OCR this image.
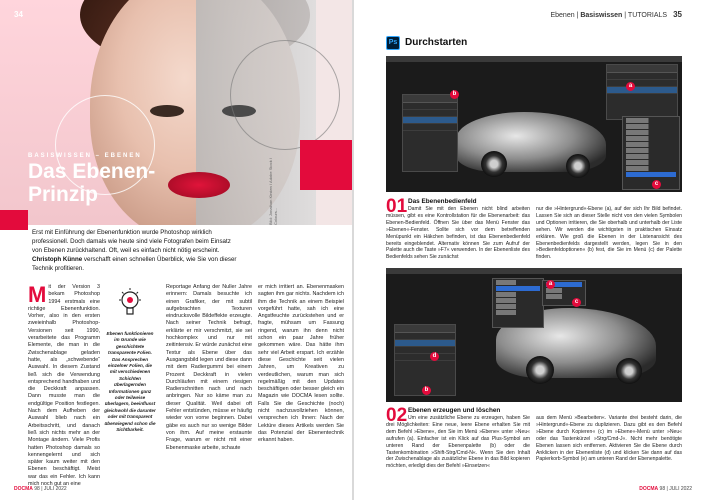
Bild: Jonathan Kirsten / Adobe Stock / Colours...
34
BASISWISSEN – EBENEN
Das Ebenen-
Prinzip
Erst mit Einführung der Ebenenfunktion wurde Photoshop wirklich professionell. Doch damals wie heute sind viele Fotografen beim Einsatz von Ebenen zurückhaltend. Oft, weil es einfach nicht nötig erscheint. Christoph Künne verschafft einen schnellen Überblick, wie Sie von dieser Technik profitieren.
Mit der Version 3 bekam Photoshop 1994 erstmals eine richtige Ebenenfunktion. Vorher, also in den ersten zweieinhalb Photoshop-Versionen seit 1990, verarbeitete das Programm Elemente, die man in die Zwischenablage geladen hatte, als „schwebende“ Auswahl. In diesem Zustand ließ sich die Verwendung entsprechend handhaben und die Deckkraft anpassen. Dann musste man die endgültige Position festlegen. Nach dem Aufheben der Auswahl blieb nach ein Arbeitsschritt, und danach ließ sich nichts mehr an der Montage ändern. Viele Profis hatten Photoshop damals so kennengelernt und sich später kaum weiter mit den Ebenen beschäftigt. Meist war das ein Fehler. Ich kann mich noch gut an eine

Ebenen funktionieren im Grunde wie geschichtete transparente Folien. Das Ansprechen einzelner Folien, die mit verschiedenen Schichten überlagernden Informationen ganz oder teilweise überlagern, beeinflusst gleichwohl die darunter oder mit transparent überwiegend schon die Sichtbarkeit.

Reportage Anfang der Nuller Jahre erinnern: Damals besuchte ich einen Grafiker, der mit subtil aufgebrachten Texturen eindrucksvolle Bildeffekte erzeugte. Nach seiner Technik befragt, erklärte er mir verschmitzt, sie sei hochkomplex und nur mit zeitintensiv. Er würde zunächst eine Textur als Ebene über das Ausgangsbild legen und diese dann mit dem Radiergummi bei einem Prozent Deckkraft in vielen Durchläufen mit einem riesigen Radierschnitten nach und nach anbringen. Nur so käme man zu dieser Qualität. Weil dabei oft Fehler entstünden, müsse er häufig wieder von vorne beginnen. Dabei gäbe es auch nur so wenige Bilder von ihm. Auf meine erstaunte Frage, warum er nicht mit einer Ebenenmaske arbeite, schaute
er mich irritiert an. Ebenenmasken sagten ihm gar nichts. Nachdem ich ihm die Technik an einem Beispiel vorgeführt hatte, sah ich eine Angstfeuchte zurückstehen und er fragte, mühsam um Fassung ringend, warum ihn denn nicht schon ein paar Jahre früher gekommen wäre. Das hätte ihm sehr viel Arbeit erspart. Ich erzähle diese Geschichte seit vielen Jahren, um Kreativen zu verdeutlichen, warum man sich regelmäßig mit den Updates beschäftigen oder besser gleich ein Magazin wie DOCMA lesen sollte. Falls Sie die Geschichte (noch) nicht nachzuvollziehen können, versprechen ich Ihnen: Nach der Lektüre dieses Artikels werden Sie das Potenzial der Ebenentechnik erkannt haben.
DOCMA 98 | JULI 2022
Ebenen | Basiswissen | TUTORIALS 35
Ps Durchstarten
b
a
c
01 Das Ebenenbedienfeld
Damit Sie mit den Ebenen nicht blind arbeiten müssen, gibt es eine Kontrollstation für die Ebenenarbeit: das Ebenen-Bedienfeld. Öffnen Sie über das Menü Fenster das »Ebenen«-Fenster. Sollte sich vor dem betreffenden Menüpunkt ein Häkchen befinden, ist das Ebenenbedienfeld bereits eingeblendet. Alternativ können Sie zum Aufruf der Palette auch die Taste »F7« verwenden. In der Ebenenliste des Bedienfelds sehen Sie zunächst
nur die »Hintergrund«-Ebene (a), auf der sich Ihr Bild befindet. Lassen Sie sich an dieser Stelle nicht von den vielen Symbolen und Optionen irritieren, die Sie oberhalb und unterhalb der Liste sehen. Wir werden die wichtigsten in praktischen Einsatz erklären. Wie groß die Ebenen in der Listenansicht des Ebenenbedienfelds dargestellt werden, legen Sie in den »Bedienfeldoptionen« (b) fest, die Sie im Menü (c) der Palette finden.
a
c
d
b
02 Ebenen erzeugen und löschen
Um eine zusätzliche Ebene zu erzeugen, haben Sie drei Möglichkeiten: Eine neue, leere Ebene erhalten Sie mit dem Befehl »Ebene«, den Sie im Menü »Ebene« unter »Neu« aufrufen (a). Einfacher ist ein Klick auf das Plus-Symbol am unteren Rand der Ebenenpalette (b) oder die Tastenkombination »Shift-Strg/Cmd-N«. Wenn Sie den Inhalt der Zwischenablage als zusätzliche Ebene in das Bild kopieren möchten, erledigt dies der Befehl »Einsetzen«
aus dem Menü »Bearbeiten«. Variante drei besteht darin, die »Hintergrund«-Ebene zu duplizieren. Dazu gibt es den Befehl »Ebene durch Kopieren« (c) im »Ebene«-Menü unter »Neu« oder das Tastenkürzel »Strg/Cmd-J«. Nicht mehr benötigte Ebenen lassen sich entfernen. Aktivieren Sie die Ebene durch Anklicken in der Ebenenliste (d) und klicken Sie dann auf das Papierkorb-Symbol (e) am unteren Rand der Ebenenpalette.
DOCMA 98 | JULI 2022
